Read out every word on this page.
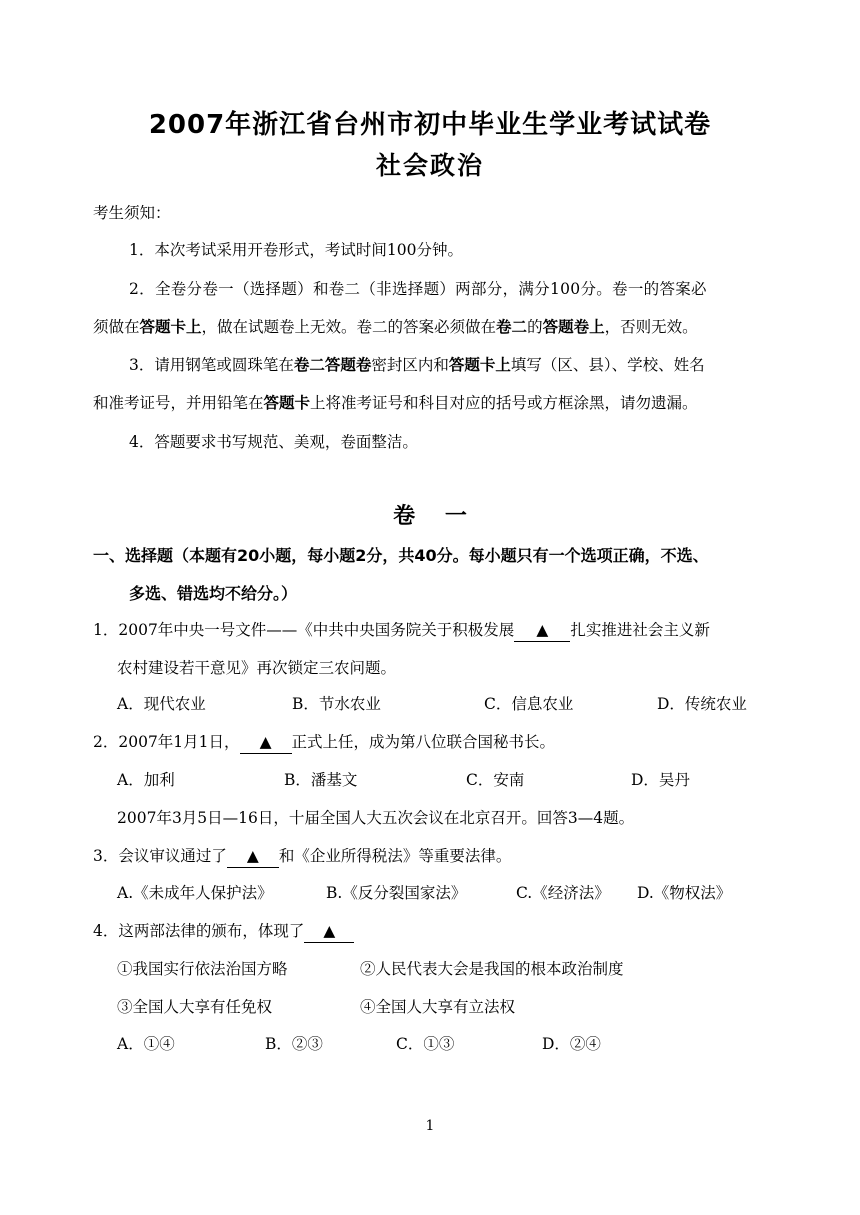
2007年浙江省台州市初中毕业生学业考试试卷
社会政治
考生须知：
1．本次考试采用开卷形式，考试时间100分钟。
2．全卷分卷一（选择题）和卷二（非选择题）两部分，满分100分。卷一的答案必
须做在答题卡上，做在试题卷上无效。卷二的答案必须做在卷二的答题卷上，否则无效。
3．请用钢笔或圆珠笔在卷二答题卷密封区内和答题卡上填写（区、县）、学校、姓名
和准考证号，并用铅笔在答题卡上将准考证号和科目对应的括号或方框涂黑，请勿遗漏。
4．答题要求书写规范、美观，卷面整洁。
卷 一
一、选择题（本题有20小题，每小题2分，共40分。每小题只有一个选项正确，不选、
多选、错选均不给分。）
1．2007年中央一号文件——《中共中央国务院关于积极发展 ▲ 扎实推进社会主义新
农村建设若干意见》再次锁定三农问题。
A．现代农业	B．节水农业	C．信息农业	D．传统农业
2．2007年1月1日， ▲ 正式上任，成为第八位联合国秘书长。
A．加利	B．潘基文	C．安南	D．吴丹
2007年3月5日—16日，十届全国人大五次会议在北京召开。回答3—4题。
3．会议审议通过了 ▲ 和《企业所得税法》等重要法律。
A.《未成年人保护法》	B.《反分裂国家法》	C.《经济法》 D.《物权法》
4．这两部法律的颁布，体现了 ▲
①我国实行依法治国方略	②人民代表大会是我国的根本政治制度
③全国人大享有任免权	④全国人大享有立法权
A．①④	B．②③	C．①③	D．②④
1
